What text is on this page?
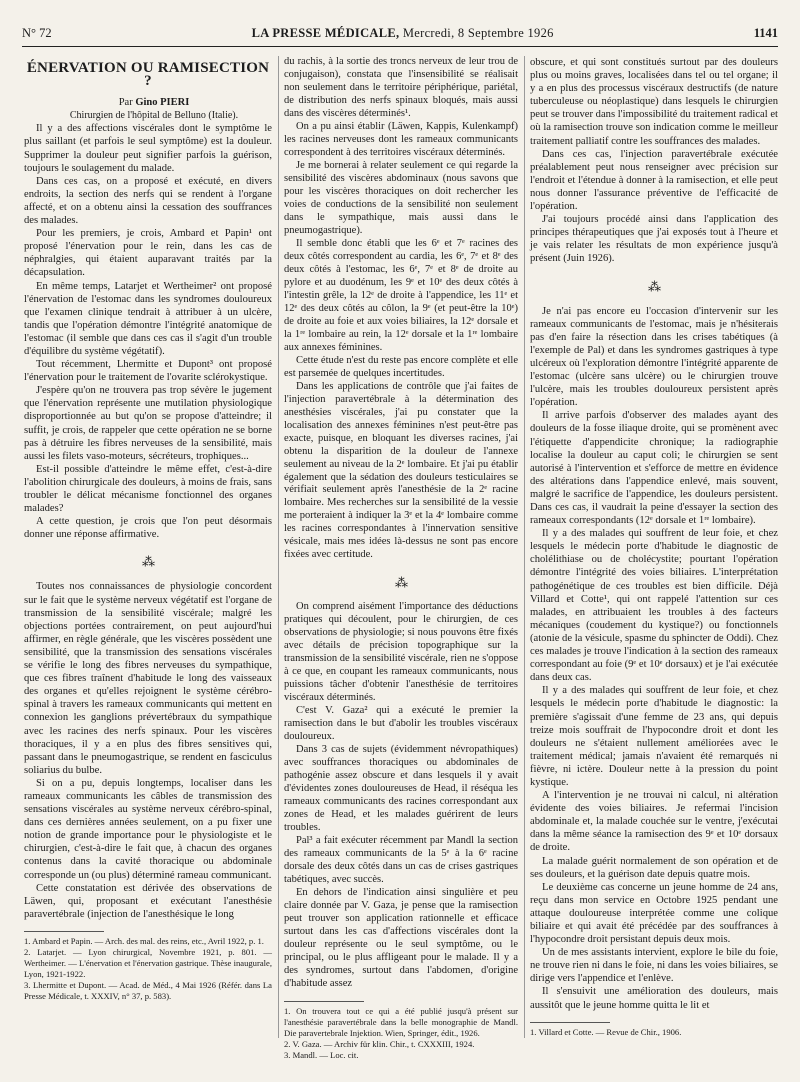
N° 72	LA PRESSE MÉDICALE, Mercredi, 8 Septembre 1926	1141
ÉNERVATION OU RAMISECTION ?

Par Gino PIERI

Chirurgien de l'hôpital de Belluno (Italie).

Il y a des affections viscérales dont le symptôme le plus saillant (et parfois le seul symptôme) est la douleur. Supprimer la douleur peut signifier parfois la guérison, toujours le soulagement du malade.

Dans ces cas, on a proposé et exécuté, en divers endroits, la section des nerfs qui se rendent à l'organe affecté, et on a obtenu ainsi la cessation des souffrances des malades.

Pour les premiers, je crois, Ambard et Papin¹ ont proposé l'énervation pour le rein, dans les cas de néphralgies, qui étaient auparavant traités par la décapsulation.

En même temps, Latarjet et Wertheimer² ont proposé l'énervation de l'estomac dans les syndromes douloureux que l'examen clinique tendrait à attribuer à un ulcère, tandis que l'opération démontre l'intégrité anatomique de l'estomac (il semble que dans ces cas il s'agit d'un trouble d'équilibre du système végétatif).

Tout récemment, Lhermitte et Dupont³ ont proposé l'énervation pour le traitement de l'ovarite sclérokystique.

J'espère qu'on ne trouvera pas trop sévère le jugement que l'énervation représente une mutilation physiologique disproportionnée au but qu'on se propose d'atteindre; il suffit, je crois, de rappeler que cette opération ne se borne pas à détruire les fibres nerveuses de la sensibilité, mais aussi les filets vaso-moteurs, sécréteurs, trophiques...

Est-il possible d'atteindre le même effet, c'est-à-dire l'abolition chirurgicale des douleurs, à moins de frais, sans troubler le délicat mécanisme fonctionnel des organes malades?

A cette question, je crois que l'on peut désormais donner une réponse affirmative.

⁂

Toutes nos connaissances de physiologie concordent sur le fait que le système nerveux végétatif est l'organe de transmission de la sensibilité viscérale; malgré les objections portées contrairement, on peut aujourd'hui affirmer, en règle générale, que les viscères possèdent une sensibilité, que la transmission des sensations viscérales se vérifie le long des fibres nerveuses du sympathique, que ces fibres traînent d'habitude le long des vaisseaux des organes et qu'elles rejoignent le système cérébro-spinal à travers les rameaux communicants qui mettent en connexion les ganglions prévertébraux du sympathique avec les racines des nerfs spinaux. Pour les viscères thoraciques, il y a en plus des fibres sensitives qui, passant dans le pneumogastrique, se rendent en fasciculus soliarius du bulbe.

Si on a pu, depuis longtemps, localiser dans les rameaux communicants les câbles de transmission des sensations viscérales au système nerveux cérébro-spinal, dans ces dernières années seulement, on a pu fixer une notion de grande importance pour le physiologiste et le chirurgien, c'est-à-dire le fait que, à chacun des organes contenus dans la cavité thoracique ou abdominale corresponde un (ou plus) déterminé rameau communicant.

Cette constatation est dérivée des observations de Läwen, qui, proposant et exécutant l'anesthésie paravertébrale (injection de l'anesthésique le long

1. Ambard et Papin. — Arch. des mal. des reins, etc., Avril 1922, p. 1.

2. Latarjet. — Lyon chirurgical, Novembre 1921, p. 801. — Wertheimer. — L'énervation et l'énervation gastrique. Thèse inaugurale, Lyon, 1921-1922.

3. Lhermitte et Dupont. — Acad. de Méd., 4 Mai 1926 (Référ. dans La Presse Médicale, t. XXXIV, n° 37, p. 583).

du rachis, à la sortie des troncs nerveux de leur trou de conjugaison), constata que l'insensibilité se réalisait non seulement dans le territoire périphérique, pariétal, de distribution des nerfs spinaux bloqués, mais aussi dans des viscères déterminés¹.

On a pu ainsi établir (Läwen, Kappis, Kulenkampf) les racines nerveuses dont les rameaux communicants correspondent à des territoires viscéraux déterminés.

Je me bornerai à relater seulement ce qui regarde la sensibilité des viscères abdominaux (nous savons que pour les viscères thoraciques on doit rechercher les voies de conductions de la sensibilité non seulement dans le sympathique, mais aussi dans le pneumogastrique).

Il semble donc établi que les 6ᵉ et 7ᵉ racines des deux côtés correspondent au cardia, les 6ᵉ, 7ᵉ et 8ᵉ des deux côtés à l'estomac, les 6ᵉ, 7ᵉ et 8ᵉ de droite au pylore et au duodénum, les 9ᵉ et 10ᵉ des deux côtés à l'intestin grêle, la 12ᵉ de droite à l'appendice, les 11ᵉ et 12ᵉ des deux côtés au côlon, la 9ᵉ (et peut-être la 10ᵉ) de droite au foie et aux voies biliaires, la 12ᵉ dorsale et la 1ʳᵉ lombaire au rein, la 12ᵉ dorsale et la 1ʳᵉ lombaire aux annexes féminines.

Cette étude n'est du reste pas encore complète et elle est parsemée de quelques incertitudes.

Dans les applications de contrôle que j'ai faites de l'injection paravertébrale à la détermination des anesthésies viscérales, j'ai pu constater que la localisation des annexes féminines n'est peut-être pas exacte, puisque, en bloquant les diverses racines, j'ai obtenu la disparition de la douleur de l'annexe seulement au niveau de la 2ᵉ lombaire. Et j'ai pu établir également que la sédation des douleurs testiculaires se vérifiait seulement après l'anesthésie de la 2ᵉ racine lombaire. Mes recherches sur la sensibilité de la vessie me porteraient à indiquer la 3ᵉ et la 4ᵉ lombaire comme les racines correspondantes à l'innervation sensitive vésicale, mais mes idées là-dessus ne sont pas encore fixées avec certitude.

⁂

On comprend aisément l'importance des déductions pratiques qui découlent, pour le chirurgien, de ces observations de physiologie; si nous pouvons être fixés avec détails de précision topographique sur la transmission de la sensibilité viscérale, rien ne s'oppose à ce que, en coupant les rameaux communicants, nous puissions tâcher d'obtenir l'anesthésie de territoires viscéraux déterminés.

C'est V. Gaza² qui a exécuté le premier la ramisection dans le but d'abolir les troubles viscéraux douloureux.

Dans 3 cas de sujets (évidemment névropathiques) avec souffrances thoraciques ou abdominales de pathogénie assez obscure et dans lesquels il y avait d'évidentes zones douloureuses de Head, il réséqua les rameaux communicants des racines correspondant aux zones de Head, et les malades guérirent de leurs troubles.

Pal³ a fait exécuter récemment par Mandl la section des rameaux communicants de la 5ᵉ à la 6ᵉ racine dorsale des deux côtés dans un cas de crises gastriques tabétiques, avec succès.

En dehors de l'indication ainsi singulière et peu claire donnée par V. Gaza, je pense que la ramisection peut trouver son application rationnelle et efficace surtout dans les cas d'affections viscérales dont la douleur représente ou le seul symptôme, ou le principal, ou le plus affligeant pour le malade. Il y a des syndromes, surtout dans l'abdomen, d'origine d'habitude assez

1. On trouvera tout ce qui a été publié jusqu'à présent sur l'anesthésie paravertébrale dans la belle monographie de Mandl. Die paravertebrale Injektion. Wien, Springer, édit., 1926.

2. V. Gaza. — Archiv für klin. Chir., t. CXXXIII, 1924.

3. Mandl. — Loc. cit.

obscure, et qui sont constitués surtout par des douleurs plus ou moins graves, localisées dans tel ou tel organe; il y a en plus des processus viscéraux destructifs (de nature tuberculeuse ou néoplastique) dans lesquels le chirurgien peut se trouver dans l'impossibilité du traitement radical et où la ramisection trouve son indication comme le meilleur traitement palliatif contre les souffrances des malades.

Dans ces cas, l'injection paravertébrale exécutée préalablement peut nous renseigner avec précision sur l'endroit et l'étendue à donner à la ramisection, et elle peut nous donner l'assurance préventive de l'efficacité de l'opération.

J'ai toujours procédé ainsi dans l'application des principes thérapeutiques que j'ai exposés tout à l'heure et je vais relater les résultats de mon expérience jusqu'à présent (Juin 1926).

⁂

Je n'ai pas encore eu l'occasion d'intervenir sur les rameaux communicants de l'estomac, mais je n'hésiterais pas d'en faire la résection dans les crises tabétiques (à l'exemple de Pal) et dans les syndromes gastriques à type ulcéreux où l'exploration démontre l'intégrité apparente de l'estomac (ulcère sans ulcère) ou le chirurgien trouve l'ulcère, mais les troubles douloureux persistent après l'opération.

Il arrive parfois d'observer des malades ayant des douleurs de la fosse iliaque droite, qui se promènent avec l'étiquette d'appendicite chronique; la radiographie localise la douleur au caput coli; le chirurgien se sent autorisé à l'intervention et s'efforce de mettre en évidence des altérations dans l'appendice enlevé, mais souvent, malgré le sacrifice de l'appendice, les douleurs persistent. Dans ces cas, il vaudrait la peine d'essayer la section des rameaux correspondants (12ᵉ dorsale et 1ʳᵉ lombaire).

Il y a des malades qui souffrent de leur foie, et chez lesquels le médecin porte d'habitude le diagnostic de cholélithiase ou de cholécystite; pourtant l'opération démontre l'intégrité des voies biliaires. L'interprétation pathogénétique de ces troubles est bien difficile. Déjà Villard et Cotte¹, qui ont rappelé l'attention sur ces malades, en attribuaient les troubles à des facteurs mécaniques (coudement du kystique?) ou fonctionnels (atonie de la vésicule, spasme du sphincter de Oddi). Chez ces malades je trouve l'indication à la section des rameaux correspondant au foie (9ᵉ et 10ᵉ dorsaux) et je l'ai exécutée dans deux cas.

Il y a des malades qui souffrent de leur foie, et chez lesquels le médecin porte d'habitude le diagnostic: la première s'agissait d'une femme de 23 ans, qui depuis treize mois souffrait de l'hypocondre droit et dont les douleurs ne s'étaient nullement améliorées avec le traitement médical; jamais n'avaient été remarqués ni fièvre, ni ictère. Douleur nette à la pression du point kystique.

A l'intervention je ne trouvai ni calcul, ni altération évidente des voies biliaires. Je refermai l'incision abdominale et, la malade couchée sur le ventre, j'exécutai dans la même séance la ramisection des 9ᵉ et 10ᵉ dorsaux de droite.

La malade guérit normalement de son opération et de ses douleurs, et la guérison date depuis quatre mois.

Le deuxième cas concerne un jeune homme de 24 ans, reçu dans mon service en Octobre 1925 pendant une attaque douloureuse interprétée comme une colique biliaire et qui avait été précédée par des souffrances à l'hypocondre droit persistant depuis deux mois.

Un de mes assistants intervient, explore le bile du foie, ne trouve rien ni dans le foie, ni dans les voies biliaires, se dirige vers l'appendice et l'enlève.

Il s'ensuivit une amélioration des douleurs, mais aussitôt que le jeune homme quitta le lit et

1. Villard et Cotte. — Revue de Chir., 1906.
